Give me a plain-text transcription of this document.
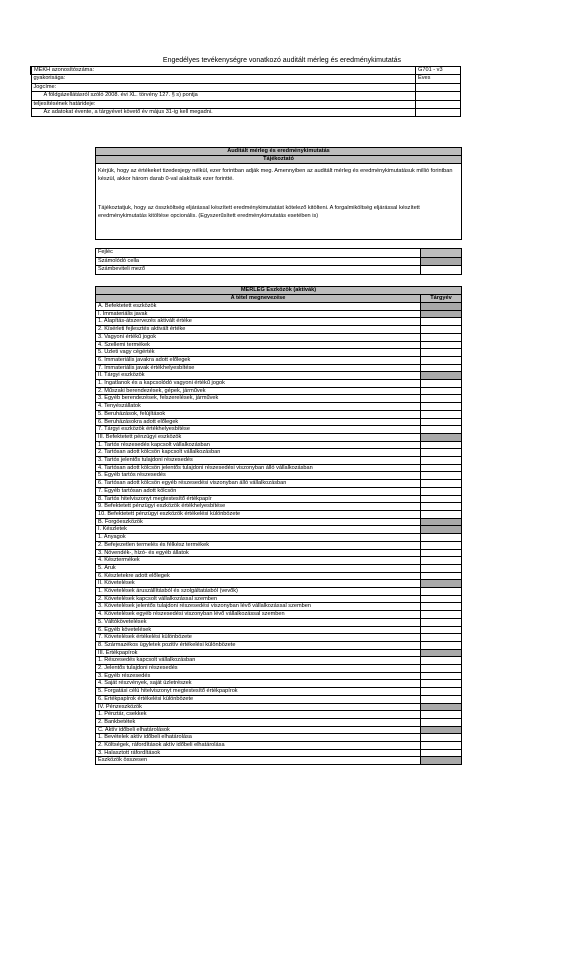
Engedélyes tevékenységre vonatkozó auditált mérleg és eredménykimutatás
MEKH azonosítószáma:	G701 - v3
gyakorisága:	Éves
Jogcíme:	
A földgázellátásról szóló 2008. évi XL. törvény 127. § s) pontja	
teljesítésének határideje:	
Az adatokat évente, a tárgyévet követő év május 31-ig kell megadni.	
Auditált mérleg és eredménykimutatás
Tájékoztató

Kérjük, hogy az értékeket tizedesjegy nélkül, ezer forintban adják meg. Amennyiben az auditált mérleg és eredménykimutatásuk millió forintban készül, akkor három darab 0-val alakítsák ezer forintté.

Tájékoztatjuk, hogy az összköltség eljárással készített eredménykimutatást kötelező kitölteni. A forgalmiköltség eljárással készített eredménykimutatás kitöltése opcionális. (Egyszerűsített eredménykimutatás esetében is)

Fejléc	
Számolódó cella	
Számbeviteli mező	
MÉRLEG Eszközök (aktívák)	
A tétel megnevezése	Tárgyév
A. Befektetett eszközök	
I. Immateriális javak	
1. Alapítás-átszervezés aktivált értéke	
2. Kísérleti fejlesztés aktivált értéke	
3. Vagyoni értékű jogok	
4. Szellemi termékek	
5. Üzleti vagy cégérték	
6. Immateriális javakra adott előlegek	
7. Immateriális javak értékhelyesbítése	
II. Tárgyi eszközök	
1. Ingatlanok és a kapcsolódó vagyoni értékű jogok	
2. Műszaki berendezések, gépek, járművek	
3. Egyéb berendezések, felszerelések, járművek	
4. Tenyészállatok	
5. Beruházások, felújítások	
6. Beruházásokra adott előlegek	
7. Tárgyi eszközök értékhelyesbítése	
III. Befektetett pénzügyi eszközök	
1. Tartós részesedés kapcsolt vállalkozásban	
2. Tartósan adott kölcsön kapcsolt vállalkozásban	
3. Tartós jelentős tulajdoni részesedés	
4. Tartósan adott kölcsön jelentős tulajdoni részesedési viszonyban álló vállalkozásban	
5. Egyéb tartós részesedés	
6. Tartósan adott kölcsön egyéb részesedési viszonyban álló vállalkozásban	
7. Egyéb tartósan adott kölcsön	
8. Tartós hitelviszonyt megtestesítő értékpapír	
9. Befektetett pénzügyi eszközök értékhelyesbítése	
10. Befektetett pénzügyi eszközök értékelési különbözete	
B. Forgóeszközök	
I. Készletek	
1. Anyagok	
2. Befejezetlen termelés és félkész termékek	
3. Növendék-, hízó- és egyéb állatok	
4. Késztermékek	
5. Áruk	
6. Készletekre adott előlegek	
II. Követelések	
1. Követelések áruszállításból és szolgáltatásból (vevők)	
2. Követelések kapcsolt vállalkozással szemben	
3. Követelések jelentős tulajdoni részesedési viszonyban lévő vállalkozással szemben	
4. Követelések egyéb részesedési viszonyban lévő vállalkozással szemben	
5. Váltókövetelések	
6. Egyéb követelések	
7. Követelések értékelési különbözete	
8. Származékos ügyletek pozitív értékelési különbözete	
III. Értékpapírok	
1. Részesedés kapcsolt vállalkozásban	
2. Jelentős tulajdoni részesedés	
3. Egyéb részesedés	
4. Saját részvények, saját üzletrészek	
5. Forgatási célú hitelviszonyt megtestesítő értékpapírok	
6. Értékpapírok értékelési különbözete	
IV. Pénzeszközök	
1. Pénztár, csekkek	
2. Bankbetétek	
C. Aktív időbeli elhatárolások	
1. Bevételek aktív időbeli elhatárolása	
2. Költségek, ráfordítások aktív időbeli elhatárolása	
3. Halasztott ráfordítások	
Eszközök összesen	
